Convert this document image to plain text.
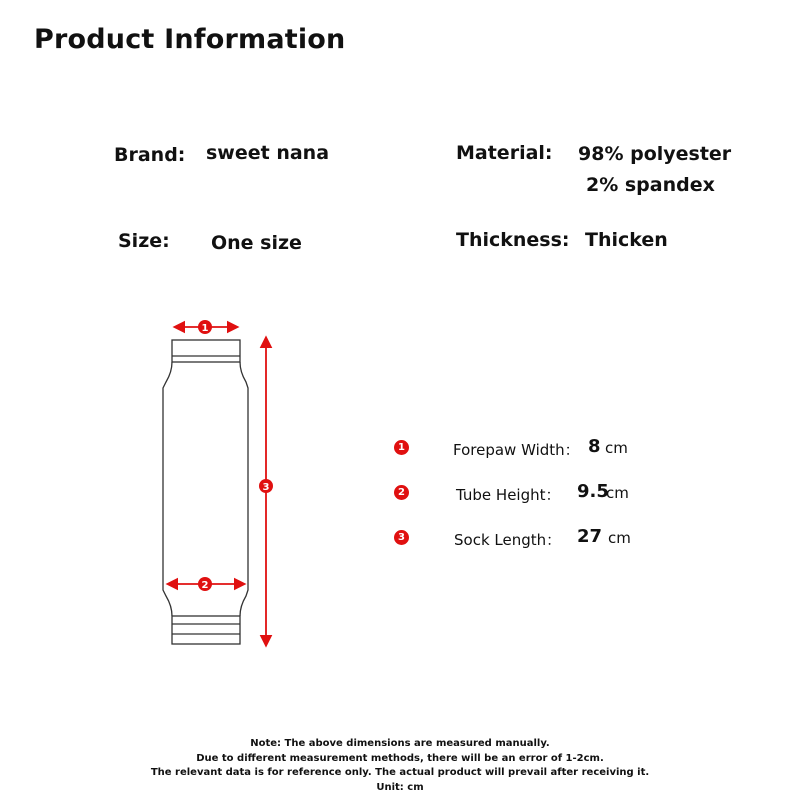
Product Information
Brand: sweet nana	Material: 98% polyester
2% spandex
Size: One size	Thickness: Thicken
1
2
3
1	Forepaw Width： 8 cm
2	Tube Height： 9.5
cm
3	Sock Length： 27 cm
Note: The above dimensions are measured manually.
Due to different measurement methods, there will be an error of 1-2cm.
The relevant data is for reference only. The actual product will prevail after receiving it.
Unit: cm
